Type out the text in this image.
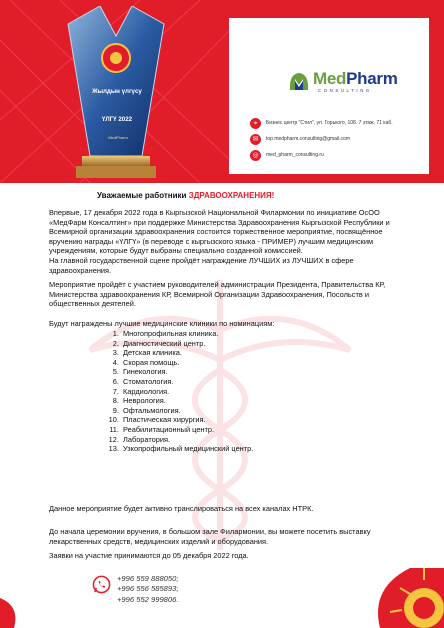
Жылдын үлгүсу
ҮЛГҮ 2022
MedPharm
MedPharm
CONSULTING
⌖	Бизнес центр "Стил", ул. Горького, 108. 7 этаж, 71 каб.
✉	top.medpharm.consulting@gmail.com
◎	med_pharm_consulting.ru
Уважаемые работники ЗДРАВООХРАНЕНИЯ!

Впервые, 17 декабря 2022 года в Кыргызской Национальной Филармонии по инициативе ОсОО «МедФарм Консалтинг» при поддержке Министерства Здравоохранения Кыргызской Республики и Всемирной организации здравоохранения состоится торжественное мероприятие, посвящённое вручению награды «ҮЛГҮ» (в переводе с кыргызского языка - ПРИМЕР) лучшим медицинским учреждениям, которые будут выбраны специально созданной комиссией.

На главной государственной сцене пройдёт награждение ЛУЧШИХ из ЛУЧШИХ в сфере здравоохранения.

Мероприятие пройдёт с участием руководителей администрации Президента, Правительства КР, Министерства здравоохранения КР, Всемирной Организации Здравоохранения, Посольств и общественных деятелей.

Будут награждены лучшие медицинские клиники по номинациям:

1. Многопрофильная клиника.
2. Диагностический центр.
3. Детская клиника.
4. Скорая помощь.
5. Гинекология.
6. Стоматология.
7. Кардиология.
8. Неврология.
9. Офтальмология.
10. Пластическая хирургия.
11. Реабилитационный центр.
12. Лаборатория.
13. Узкопрофильный медицинский центр.

Данное мероприятие будет активно транслироваться на всех каналах НТРК.

До начала церемонии вручения, в большом зале Филармонии, вы можете посетить выставку лекарственных средств, медицинских изделий и оборудования.

Заявки на участие принимаются до 05 декабря 2022 года.

+996 559 888050;
+996 556 585893;
+996 552 999806.
